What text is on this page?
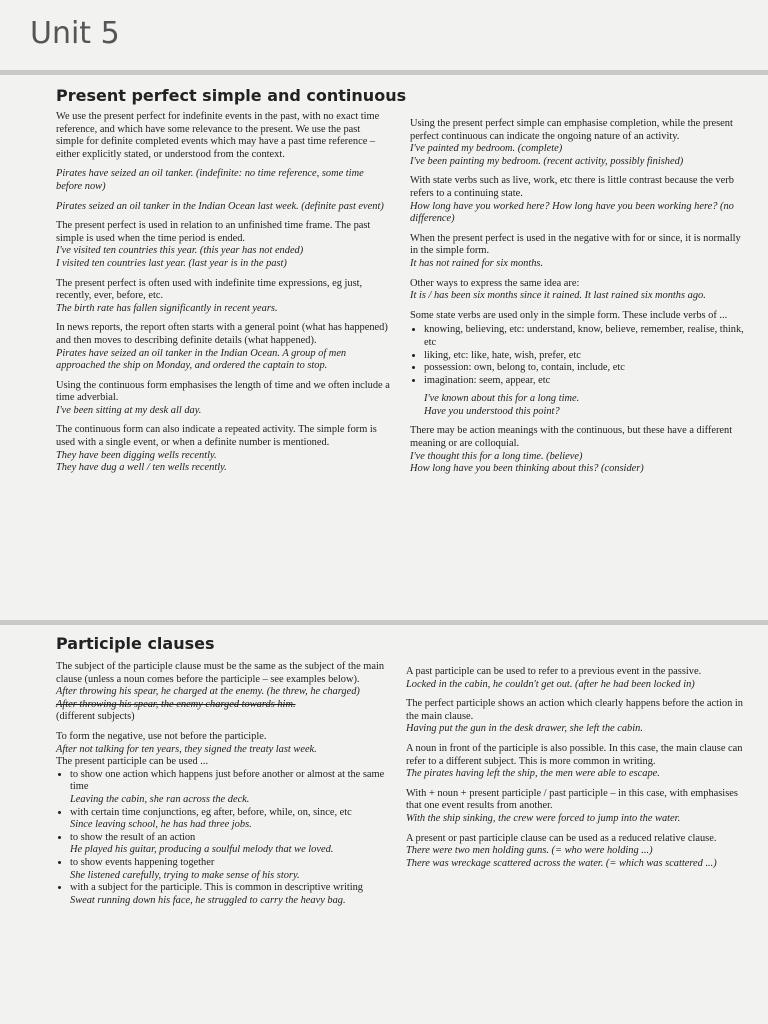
Unit 5
Present perfect simple and continuous

We use the present perfect for indefinite events in the past, with no exact time reference, and which have some relevance to the present. We use the past simple for definite completed events which may have a past time reference – either explicitly stated, or understood from the context.

Pirates have seized an oil tanker. (indefinite: no time reference, some time before now)

Pirates seized an oil tanker in the Indian Ocean last week. (definite past event)

The present perfect is used in relation to an unfinished time frame. The past simple is used when the time period is ended.

I've visited ten countries this year. (this year has not ended)

I visited ten countries last year. (last year is in the past)

The present perfect is often used with indefinite time expressions, eg just, recently, ever, before, etc.

The birth rate has fallen significantly in recent years.

In news reports, the report often starts with a general point (what has happened) and then moves to describing definite details (what happened).

Pirates have seized an oil tanker in the Indian Ocean. A group of men approached the ship on Monday, and ordered the captain to stop.

Using the continuous form emphasises the length of time and we often include a time adverbial.

I've been sitting at my desk all day.

The continuous form can also indicate a repeated activity. The simple form is used with a single event, or when a definite number is mentioned.

They have been digging wells recently.

They have dug a well / ten wells recently.

Using the present perfect simple can emphasise completion, while the present perfect continuous can indicate the ongoing nature of an activity.

I've painted my bedroom. (complete)

I've been painting my bedroom. (recent activity, possibly finished)

With state verbs such as live, work, etc there is little contrast because the verb refers to a continuing state.

How long have you worked here? How long have you been working here? (no difference)

When the present perfect is used in the negative with for or since, it is normally in the simple form.

It has not rained for six months.

Other ways to express the same idea are:

It is / has been six months since it rained. It last rained six months ago.

Some state verbs are used only in the simple form. These include verbs of ...

• knowing, believing, etc: understand, know, believe, remember, realise, think, etc
• liking, etc: like, hate, wish, prefer, etc
• possession: own, belong to, contain, include, etc
• imagination: seem, appear, etc

I've known about this for a long time.

Have you understood this point?

There may be action meanings with the continuous, but these have a different meaning or are colloquial.

I've thought this for a long time. (believe)

How long have you been thinking about this? (consider)

Participle clauses

The subject of the participle clause must be the same as the subject of the main clause (unless a noun comes before the participle – see examples below).

After throwing his spear, he charged at the enemy. (he threw, he charged)

After throwing his spear, the enemy charged towards him.

(different subjects)

To form the negative, use not before the participle.

After not talking for ten years, they signed the treaty last week.

The present participle can be used ...

• to show one action which happens just before another or almost at the same time
Leaving the cabin, she ran across the deck.
• with certain time conjunctions, eg after, before, while, on, since, etc
Since leaving school, he has had three jobs.
• to show the result of an action
He played his guitar, producing a soulful melody that we loved.
• to show events happening together
She listened carefully, trying to make sense of his story.
• with a subject for the participle. This is common in descriptive writing
Sweat running down his face, he struggled to carry the heavy bag.

A past participle can be used to refer to a previous event in the passive.

Locked in the cabin, he couldn't get out. (after he had been locked in)

The perfect participle shows an action which clearly happens before the action in the main clause.

Having put the gun in the desk drawer, she left the cabin.

A noun in front of the participle is also possible. In this case, the main clause can refer to a different subject. This is more common in writing.

The pirates having left the ship, the men were able to escape.

With + noun + present participle / past participle – in this case, with emphasises that one event results from another.

With the ship sinking, the crew were forced to jump into the water.

A present or past participle clause can be used as a reduced relative clause.

There were two men holding guns. (= who were holding ...)

There was wreckage scattered across the water. (= which was scattered ...)
